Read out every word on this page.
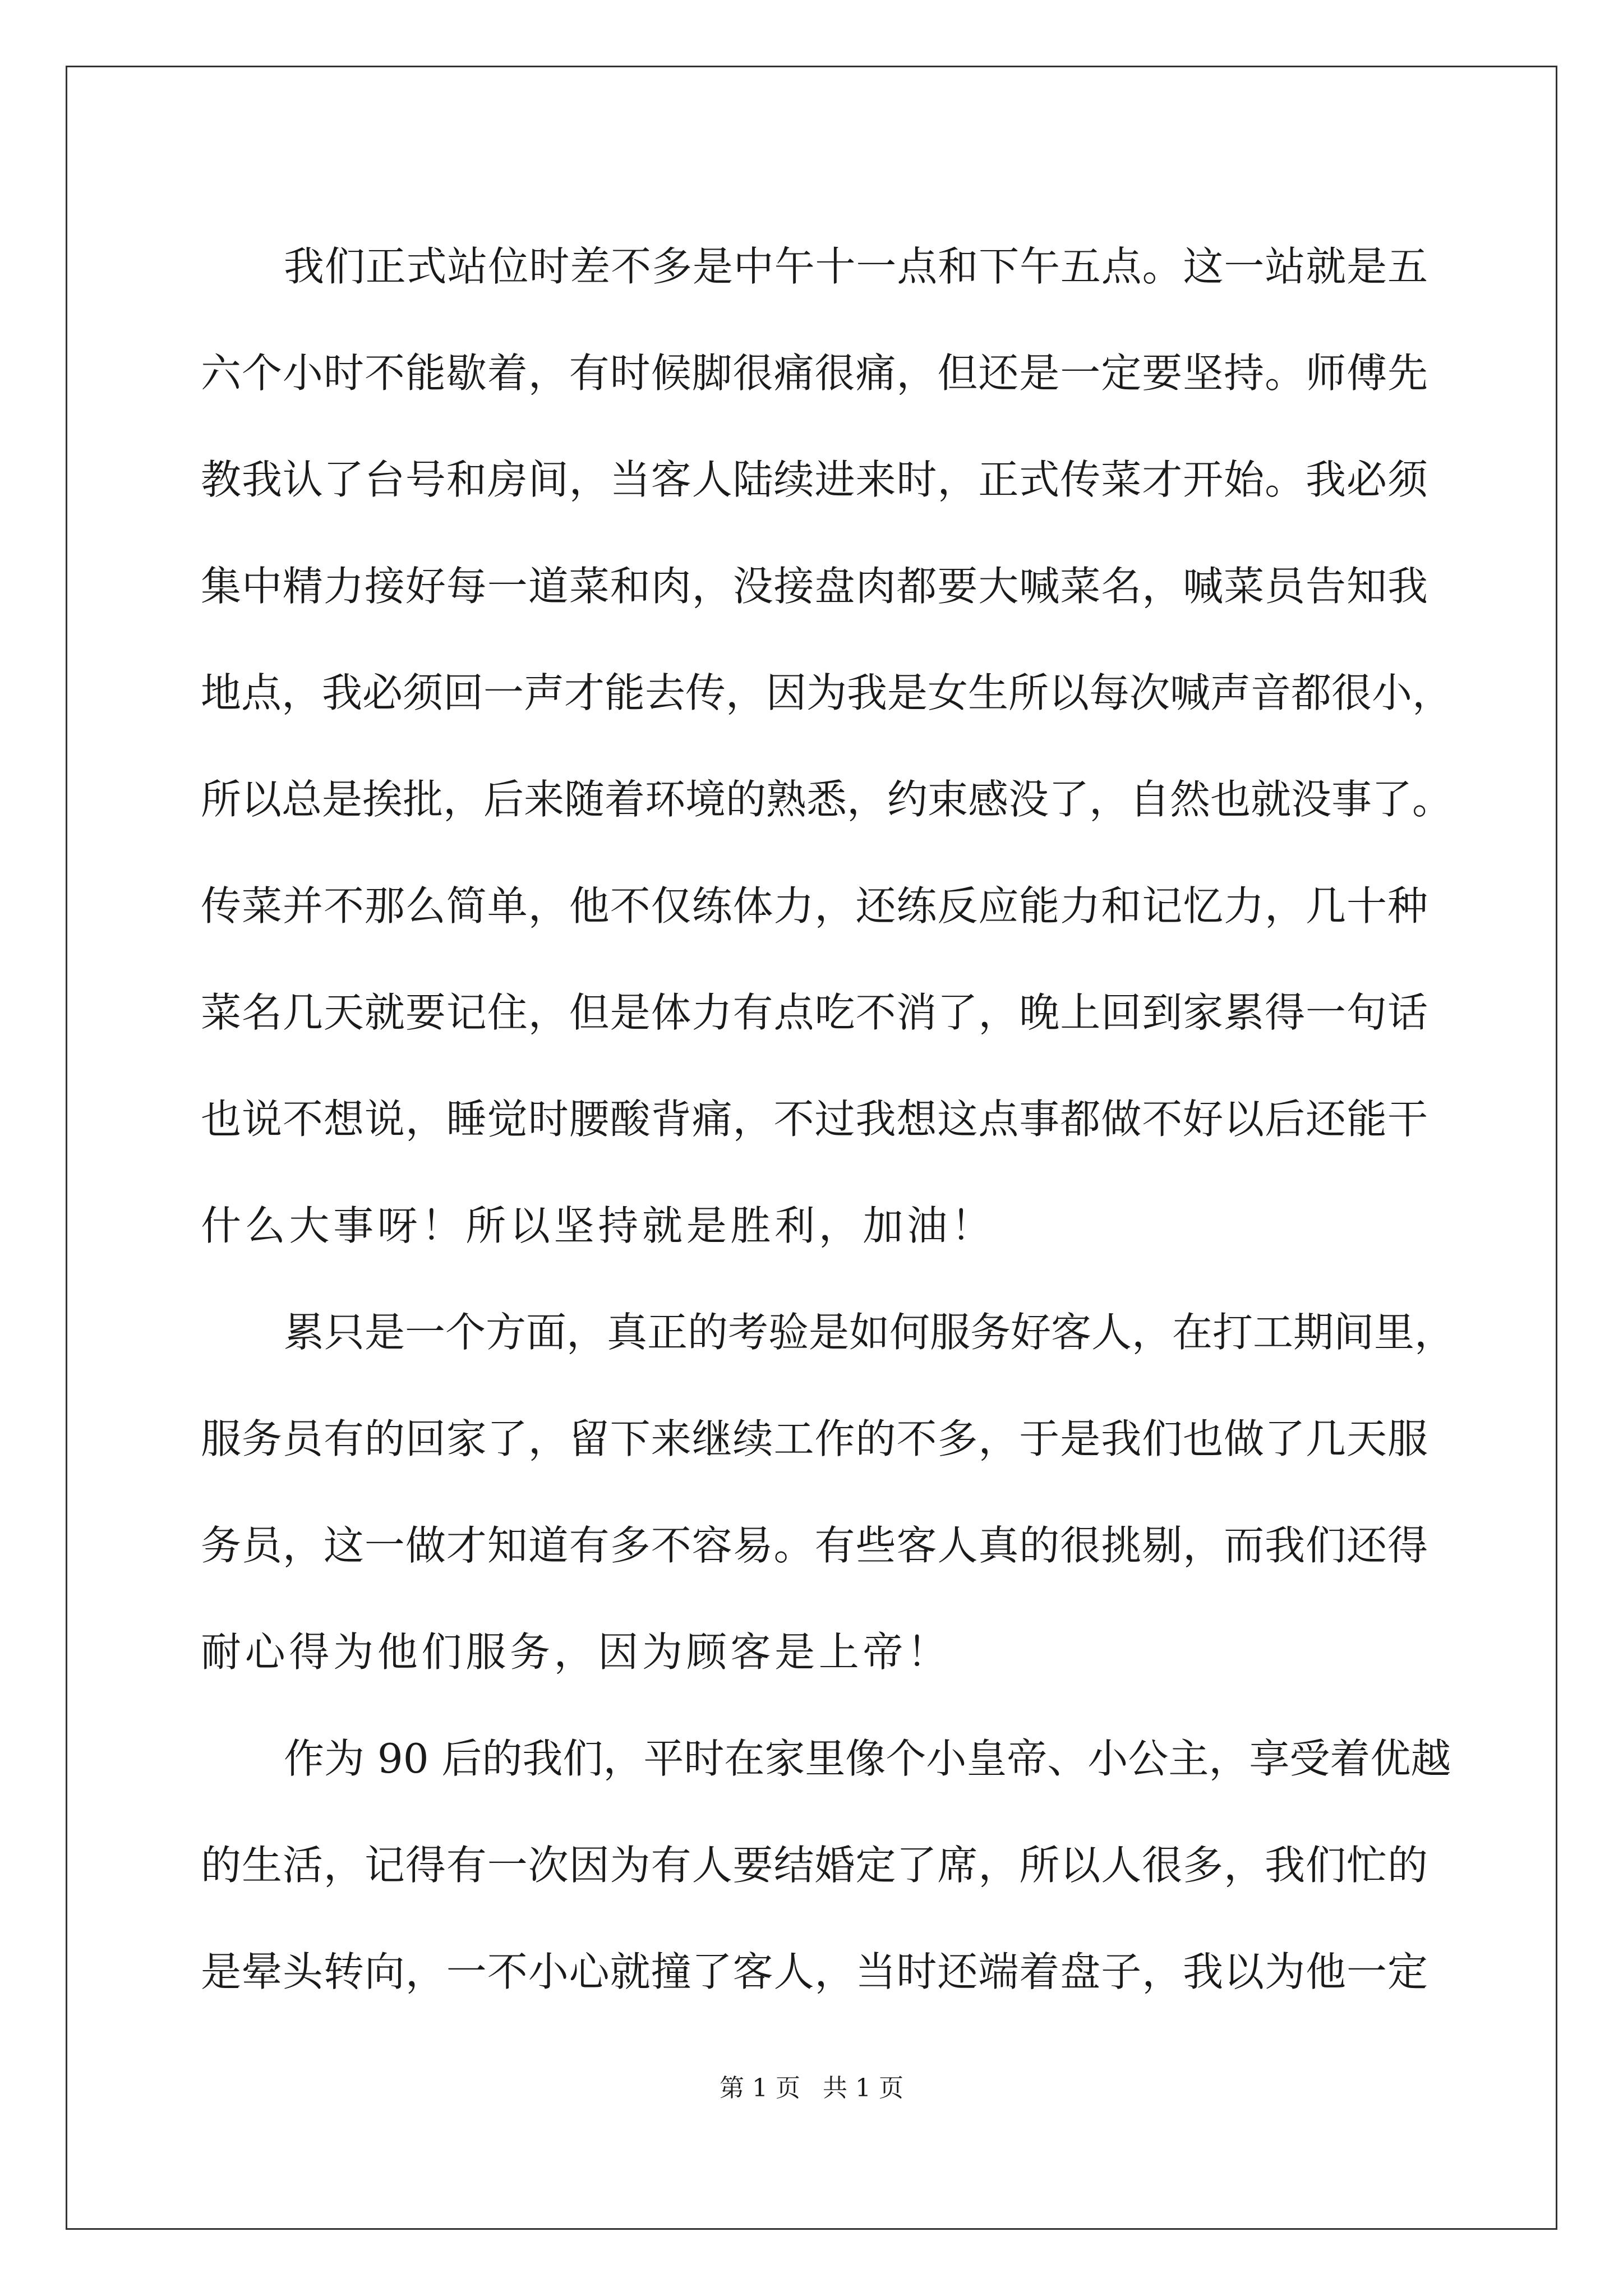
我们正式站位时差不多是中午十一点和下午五点。这一站就是五
六个小时不能歇着，有时候脚很痛很痛，但还是一定要坚持。师傅先
教我认了台号和房间，当客人陆续进来时，正式传菜才开始。我必须
集中精力接好每一道菜和肉，没接盘肉都要大喊菜名，喊菜员告知我
地点，我必须回一声才能去传，因为我是女生所以每次喊声音都很小，
所以总是挨批，后来随着环境的熟悉，约束感没了，自然也就没事了。
传菜并不那么简单，他不仅练体力，还练反应能力和记忆力，几十种
菜名几天就要记住，但是体力有点吃不消了，晚上回到家累得一句话
也说不想说，睡觉时腰酸背痛，不过我想这点事都做不好以后还能干
什么大事呀！所以坚持就是胜利，加油！
累只是一个方面，真正的考验是如何服务好客人，在打工期间里，
服务员有的回家了，留下来继续工作的不多，于是我们也做了几天服
务员，这一做才知道有多不容易。有些客人真的很挑剔，而我们还得
耐心得为他们服务，因为顾客是上帝！
作为 90 后的我们，平时在家里像个小皇帝、小公主，享受着优越
的生活，记得有一次因为有人要结婚定了席，所以人很多，我们忙的
是晕头转向，一不小心就撞了客人，当时还端着盘子，我以为他一定
第 1 页 共 1 页
